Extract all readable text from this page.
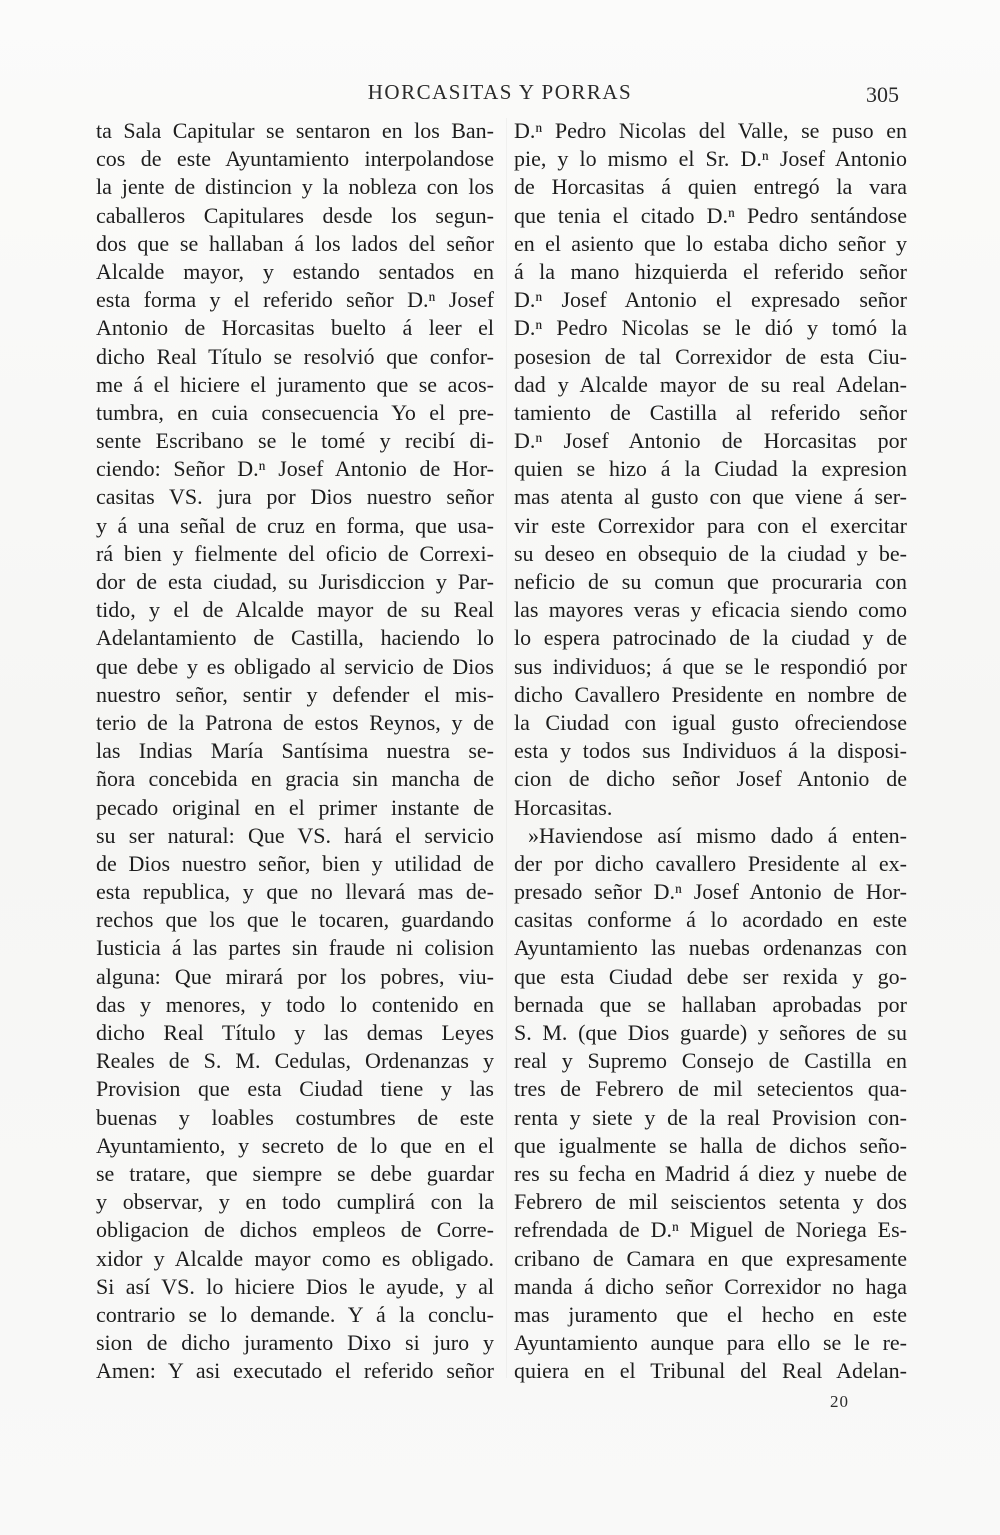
HORCASITAS Y PORRAS	305
ta Sala Capitular se sentaron en los Ban-
cos de este Ayuntamiento interpolandose
la jente de distincion y la nobleza con los
caballeros Capitulares desde los segun-
dos que se hallaban á los lados del señor
Alcalde mayor, y estando sentados en
esta forma y el referido señor D.ⁿ Josef
Antonio de Horcasitas buelto á leer el
dicho Real Título se resolvió que confor-
me á el hiciere el juramento que se acos-
tumbra, en cuia consecuencia Yo el pre-
sente Escribano se le tomé y recibí di-
ciendo: Señor D.ⁿ Josef Antonio de Hor-
casitas VS. jura por Dios nuestro señor
y á una señal de cruz en forma, que usa-
rá bien y fielmente del oficio de Correxi-
dor de esta ciudad, su Jurisdiccion y Par-
tido, y el de Alcalde mayor de su Real
Adelantamiento de Castilla, haciendo lo
que debe y es obligado al servicio de Dios
nuestro señor, sentir y defender el mis-
terio de la Patrona de estos Reynos, y de
las Indias María Santísima nuestra se-
ñora concebida en gracia sin mancha de
pecado original en el primer instante de
su ser natural: Que VS. hará el servicio
de Dios nuestro señor, bien y utilidad de
esta republica, y que no llevará mas de-
rechos que los que le tocaren, guardando
Iusticia á las partes sin fraude ni colision
alguna: Que mirará por los pobres, viu-
das y menores, y todo lo contenido en
dicho Real Título y las demas Leyes
Reales de S. M. Cedulas, Ordenanzas y
Provision que esta Ciudad tiene y las
buenas y loables costumbres de este
Ayuntamiento, y secreto de lo que en el
se tratare, que siempre se debe guardar
y observar, y en todo cumplirá con la
obligacion de dichos empleos de Corre-
xidor y Alcalde mayor como es obligado.
Si así VS. lo hiciere Dios le ayude, y al
contrario se lo demande. Y á la conclu-
sion de dicho juramento Dixo si juro y
Amen: Y asi executado el referido señor
D.ⁿ Pedro Nicolas del Valle, se puso en
pie, y lo mismo el Sr. D.ⁿ Josef Antonio
de Horcasitas á quien entregó la vara
que tenia el citado D.ⁿ Pedro sentándose
en el asiento que lo estaba dicho señor y
á la mano hizquierda el referido señor
D.ⁿ Josef Antonio el expresado señor
D.ⁿ Pedro Nicolas se le dió y tomó la
posesion de tal Correxidor de esta Ciu-
dad y Alcalde mayor de su real Adelan-
tamiento de Castilla al referido señor
D.ⁿ Josef Antonio de Horcasitas por
quien se hizo á la Ciudad la expresion
mas atenta al gusto con que viene á ser-
vir este Correxidor para con el exercitar
su deseo en obsequio de la ciudad y be-
neficio de su comun que procuraria con
las mayores veras y eficacia siendo como
lo espera patrocinado de la ciudad y de
sus individuos; á que se le respondió por
dicho Cavallero Presidente en nombre de
la Ciudad con igual gusto ofreciendose
esta y todos sus Individuos á la disposi-
cion de dicho señor Josef Antonio de
Horcasitas.
»Haviendose así mismo dado á enten-
der por dicho cavallero Presidente al ex-
presado señor D.ⁿ Josef Antonio de Hor-
casitas conforme á lo acordado en este
Ayuntamiento las nuebas ordenanzas con
que esta Ciudad debe ser rexida y go-
bernada que se hallaban aprobadas por
S. M. (que Dios guarde) y señores de su
real y Supremo Consejo de Castilla en
tres de Febrero de mil setecientos qua-
renta y siete y de la real Provision con-
que igualmente se halla de dichos seño-
res su fecha en Madrid á diez y nuebe de
Febrero de mil seiscientos setenta y dos
refrendada de D.ⁿ Miguel de Noriega Es-
cribano de Camara en que expresamente
manda á dicho señor Correxidor no haga
mas juramento que el hecho en este
Ayuntamiento aunque para ello se le re-
quiera en el Tribunal del Real Adelan-
20
